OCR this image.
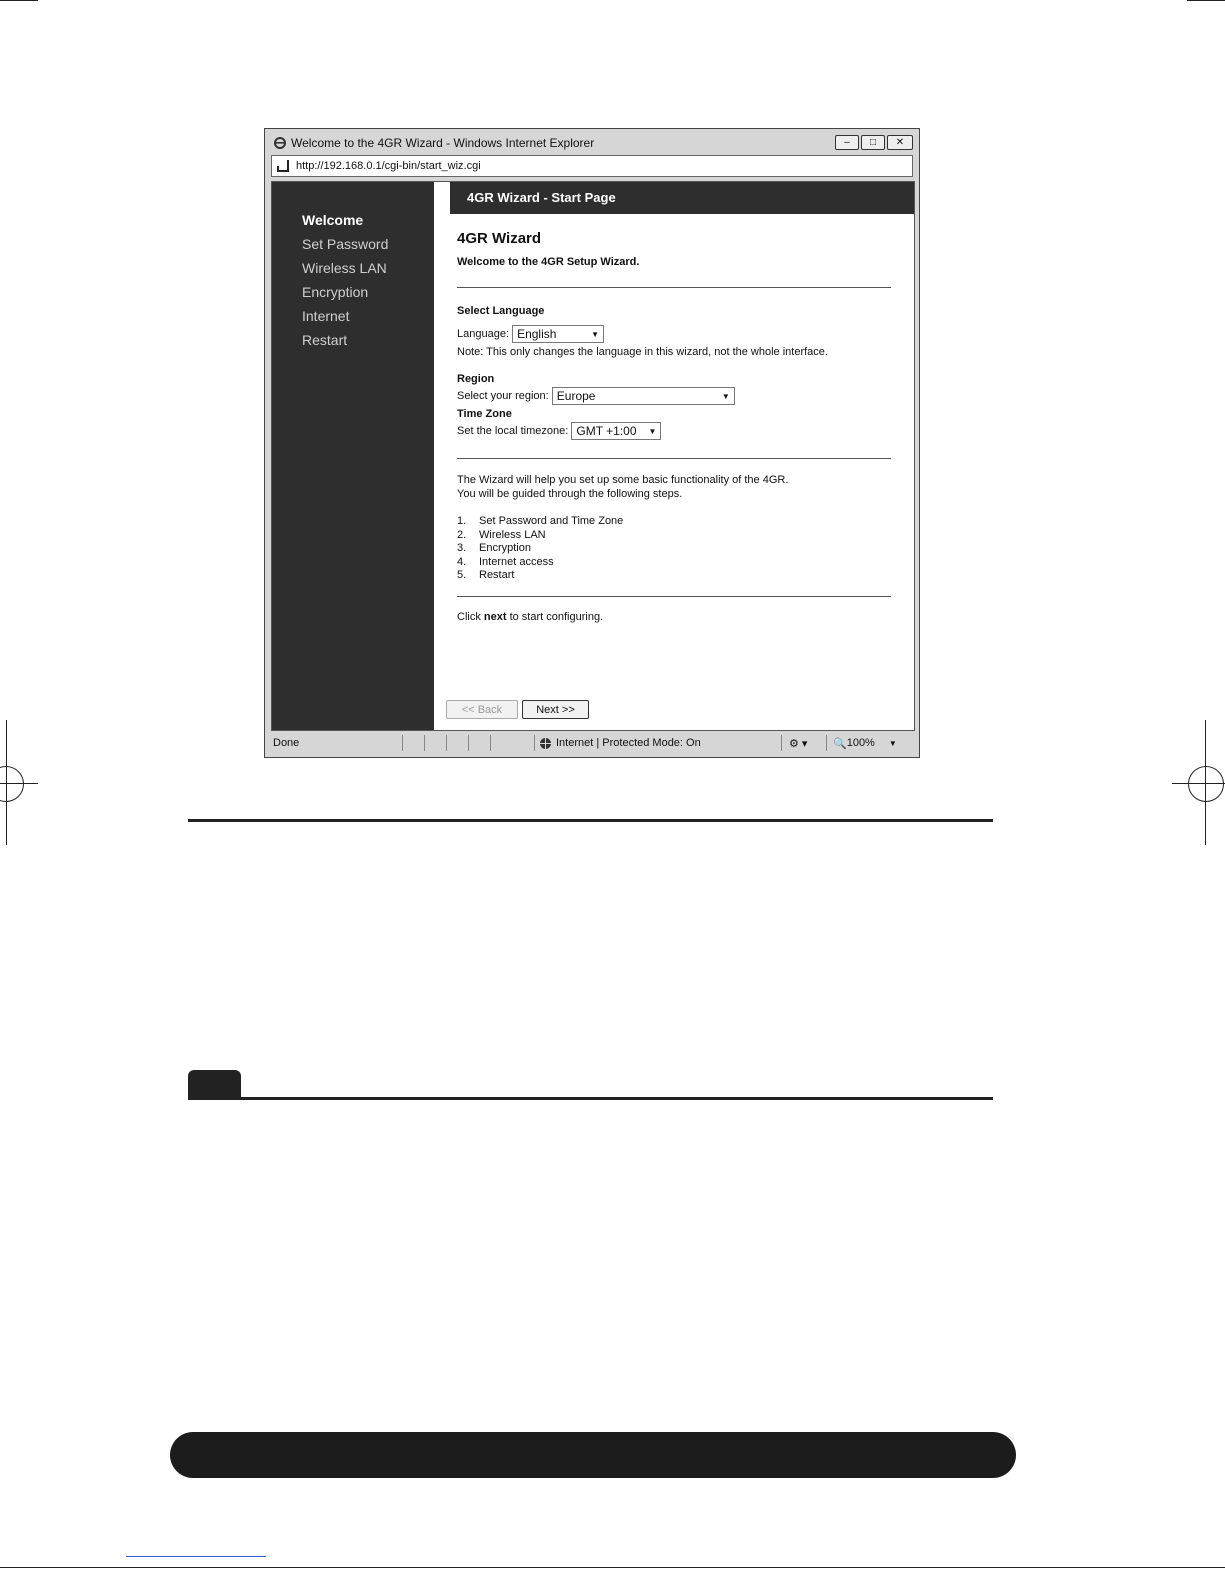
Welcome to the 4GR Wizard - Windows Internet Explorer	–	□	✕
http://192.168.0.1/cgi-bin/start_wiz.cgi
Welcome
Set Password
Wireless LAN
Encryption
Internet
Restart
4GR Wizard - Start Page
4GR Wizard
Welcome to the 4GR Setup Wizard.
Select Language
Language: English	▼
Note: This only changes the language in this wizard, not the whole interface.
Region
Select your region: Europe	▼
Time Zone
Set the local timezone: GMT +1:00 ▼
The Wizard will help you set up some basic functionality of the 4GR.
You will be guided through the following steps.
1. Set Password and Time Zone
2. Wireless LAN
3. Encryption
4. Internet access
5. Restart
Click next to start configuring.
<< Back	Next >>
Done	Internet | Protected Mode: On	⚙ ▾ 🔍 100% ▼
